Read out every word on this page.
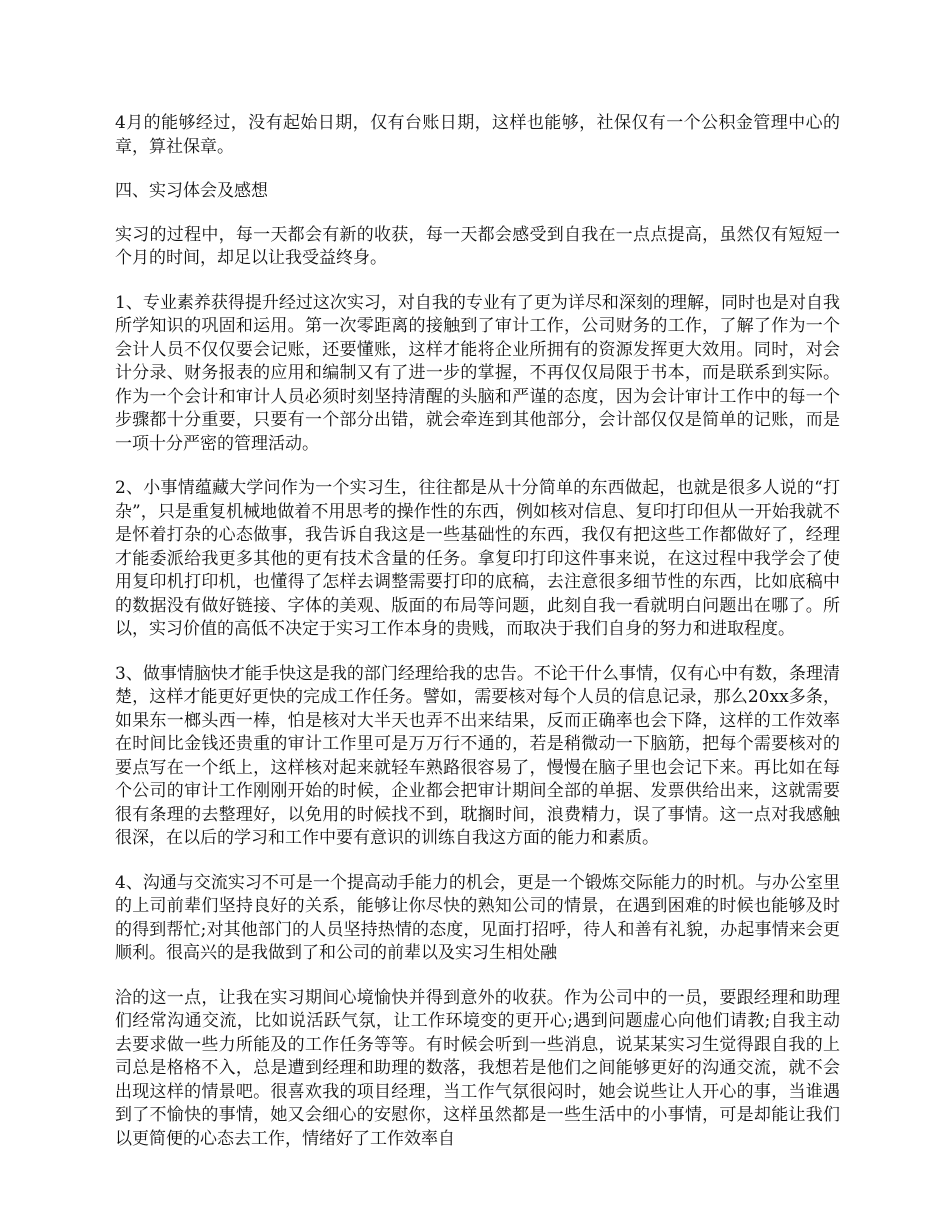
4月的能够经过，没有起始日期，仅有台账日期，这样也能够，社保仅有一个公积金管理中心的章，算社保章。

四、实习体会及感想

实习的过程中，每一天都会有新的收获，每一天都会感受到自我在一点点提高，虽然仅有短短一个月的时间，却足以让我受益终身。

1、专业素养获得提升经过这次实习，对自我的专业有了更为详尽和深刻的理解，同时也是对自我所学知识的巩固和运用。第一次零距离的接触到了审计工作，公司财务的工作，了解了作为一个会计人员不仅仅要会记账，还要懂账，这样才能将企业所拥有的资源发挥更大效用。同时，对会计分录、财务报表的应用和编制又有了进一步的掌握，不再仅仅局限于书本，而是联系到实际。作为一个会计和审计人员必须时刻坚持清醒的头脑和严谨的态度，因为会计审计工作中的每一个步骤都十分重要，只要有一个部分出错，就会牵连到其他部分，会计部仅仅是简单的记账，而是一项十分严密的管理活动。

2、小事情蕴藏大学问作为一个实习生，往往都是从十分简单的东西做起，也就是很多人说的“打杂”，只是重复机械地做着不用思考的操作性的东西，例如核对信息、复印打印但从一开始我就不是怀着打杂的心态做事，我告诉自我这是一些基础性的东西，我仅有把这些工作都做好了，经理才能委派给我更多其他的更有技术含量的任务。拿复印打印这件事来说，在这过程中我学会了使用复印机打印机，也懂得了怎样去调整需要打印的底稿，去注意很多细节性的东西，比如底稿中的数据没有做好链接、字体的美观、版面的布局等问题，此刻自我一看就明白问题出在哪了。所以，实习价值的高低不决定于实习工作本身的贵贱，而取决于我们自身的努力和进取程度。

3、做事情脑快才能手快这是我的部门经理给我的忠告。不论干什么事情，仅有心中有数，条理清楚，这样才能更好更快的完成工作任务。譬如，需要核对每个人员的信息记录，那么20xx多条，如果东一榔头西一棒，怕是核对大半天也弄不出来结果，反而正确率也会下降，这样的工作效率在时间比金钱还贵重的审计工作里可是万万行不通的，若是稍微动一下脑筋，把每个需要核对的要点写在一个纸上，这样核对起来就轻车熟路很容易了，慢慢在脑子里也会记下来。再比如在每个公司的审计工作刚刚开始的时候，企业都会把审计期间全部的单据、发票供给出来，这就需要很有条理的去整理好，以免用的时候找不到，耽搁时间，浪费精力，误了事情。这一点对我感触很深，在以后的学习和工作中要有意识的训练自我这方面的能力和素质。

4、沟通与交流实习不可是一个提高动手能力的机会，更是一个锻炼交际能力的时机。与办公室里的上司前辈们坚持良好的关系，能够让你尽快的熟知公司的情景，在遇到困难的时候也能够及时的得到帮忙;对其他部门的人员坚持热情的态度，见面打招呼，待人和善有礼貌，办起事情来会更顺利。很高兴的是我做到了和公司的前辈以及实习生相处融

洽的这一点，让我在实习期间心境愉快并得到意外的收获。作为公司中的一员，要跟经理和助理们经常沟通交流，比如说活跃气氛，让工作环境变的更开心;遇到问题虚心向他们请教;自我主动去要求做一些力所能及的工作任务等等。有时候会听到一些消息，说某某实习生觉得跟自我的上司总是格格不入，总是遭到经理和助理的数落，我想若是他们之间能够更好的沟通交流，就不会出现这样的情景吧。很喜欢我的项目经理，当工作气氛很闷时，她会说些让人开心的事，当谁遇到了不愉快的事情，她又会细心的安慰你，这样虽然都是一些生活中的小事情，可是却能让我们以更简便的心态去工作，情绪好了工作效率自
